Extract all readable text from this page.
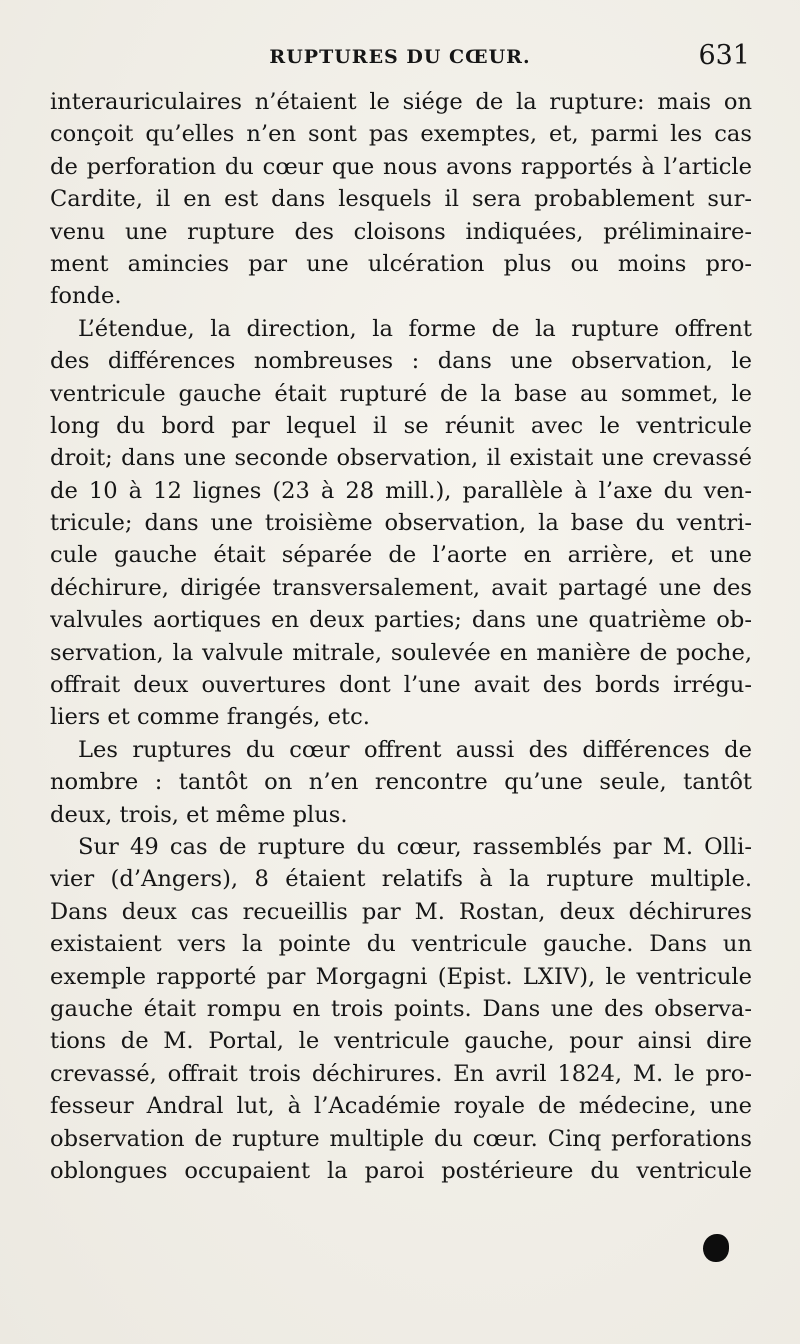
RUPTURES DU CŒUR.	631
interauriculaires n’étaient le siége de la rupture: mais on
conçoit qu’elles n’en sont pas exemptes, et, parmi les cas
de perforation du cœur que nous avons rapportés à l’article
Cardite, il en est dans lesquels il sera probablement sur-
venu une rupture des cloisons indiquées, préliminaire-
ment amincies par une ulcération plus ou moins pro-
fonde.
L’étendue, la direction, la forme de la rupture offrent
des différences nombreuses : dans une observation, le
ventricule gauche était rupturé de la base au sommet, le
long du bord par lequel il se réunit avec le ventricule
droit; dans une seconde observation, il existait une crevassé
de 10 à 12 lignes (23 à 28 mill.), parallèle à l’axe du ven-
tricule; dans une troisième observation, la base du ventri-
cule gauche était séparée de l’aorte en arrière, et une
déchirure, dirigée transversalement, avait partagé une des
valvules aortiques en deux parties; dans une quatrième ob-
servation, la valvule mitrale, soulevée en manière de poche,
offrait deux ouvertures dont l’une avait des bords irrégu-
liers et comme frangés, etc.
Les ruptures du cœur offrent aussi des différences de
nombre : tantôt on n’en rencontre qu’une seule, tantôt
deux, trois, et même plus.
Sur 49 cas de rupture du cœur, rassemblés par M. Olli-
vier (d’Angers), 8 étaient relatifs à la rupture multiple.
Dans deux cas recueillis par M. Rostan, deux déchirures
existaient vers la pointe du ventricule gauche. Dans un
exemple rapporté par Morgagni (Epist. LXIV), le ventricule
gauche était rompu en trois points. Dans une des observa-
tions de M. Portal, le ventricule gauche, pour ainsi dire
crevassé, offrait trois déchirures. En avril 1824, M. le pro-
fesseur Andral lut, à l’Académie royale de médecine, une
observation de rupture multiple du cœur. Cinq perforations
oblongues occupaient la paroi postérieure du ventricule
